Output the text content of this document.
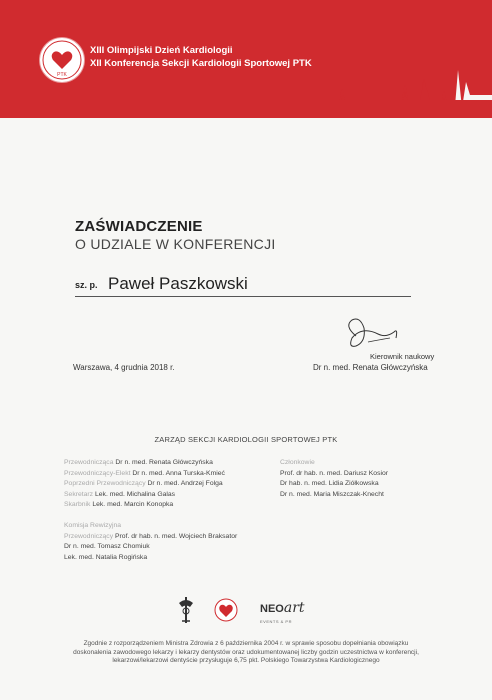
PTK
XIII Olimpijski Dzień Kardiologii
XII Konferencja Sekcji Kardiologii Sportowej PTK
ZAŚWIADCZENIE
O UDZIALE W KONFERENCJI
sz. p. Paweł Paszkowski
Kierownik naukowy
Dr n. med. Renata Główczyńska
Warszawa, 4 grudnia 2018 r.
ZARZĄD SEKCJI KARDIOLOGII SPORTOWEJ PTK
Przewodnicząca Dr n. med. Renata Główczyńska
Przewodniczący-Elekt Dr n. med. Anna Turska-Kmieć
Poprzedni Przewodniczący Dr n. med. Andrzej Folga
Sekretarz Lek. med. Michalina Galas
Skarbnik Lek. med. Marcin Konopka
Członkowie
Prof. dr hab. n. med. Dariusz Kosior
Dr hab. n. med. Lidia Ziółkowska
Dr n. med. Maria Miszczak-Knecht
Komisja Rewizyjna
Przewodniczący Prof. dr hab. n. med. Wojciech Braksator
Dr n. med. Tomasz Chomiuk
Lek. med. Natalia Rogińska
NEOart
EVENTS & PR
Zgodnie z rozporządzeniem Ministra Zdrowia z 6 października 2004 r. w sprawie sposobu dopełniania obowiązku
doskonalenia zawodowego lekarzy i lekarzy dentystów oraz udokumentowanej liczby godzin uczestnictwa w konferencji,
lekarzowi/lekarzowi dentyście przysługuje 6,75 pkt. Polskiego Towarzystwa Kardiologicznego
